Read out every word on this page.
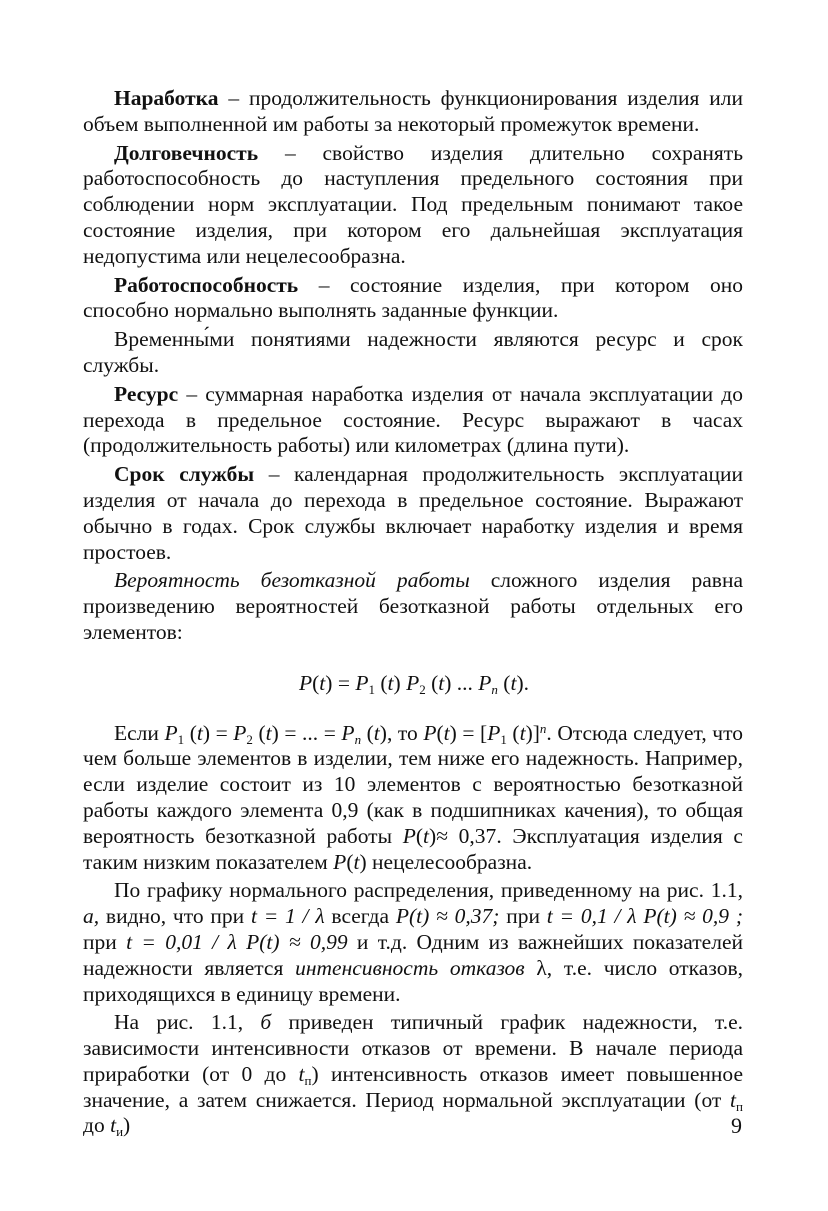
Наработка – продолжительность функционирования изделия или объем выполненной им работы за некоторый промежуток времени.

Долговечность – свойство изделия длительно сохранять работоспособность до наступления предельного состояния при соблюдении норм эксплуатации. Под предельным понимают такое состояние изделия, при котором его дальнейшая эксплуатация недопустима или нецелесообразна.

Работоспособность – состояние изделия, при котором оно способно нормально выполнять заданные функции.

Временны́ми понятиями надежности являются ресурс и срок службы.

Ресурс – суммарная наработка изделия от начала эксплуатации до перехода в предельное состояние. Ресурс выражают в часах (продолжительность работы) или километрах (длина пути).

Срок службы – календарная продолжительность эксплуатации изделия от начала до перехода в предельное состояние. Выражают обычно в годах. Срок службы включает наработку изделия и время простоев.

Вероятность безотказной работы сложного изделия равна произведению вероятностей безотказной работы отдельных его элементов:

$P(t) = P_1$ (t) $P_2$ (t) ... $P_n$ (t).

Если $P_1$ $(t) = P_2$ (t) = ... = $P_n$ (t), то $P(t) = [P_1$ (t)]$^n$. Отсюда следует, что чем больше элементов в изделии, тем ниже его надежность. Например, если изделие состоит из 10 элементов с вероятностью безотказной работы каждого элемента 0,9 (как в подшипниках качения), то общая вероятность безотказной работы P(t)≈ 0,37. Эксплуатация изделия с таким низким показателем P(t) нецелесообразна.

По графику нормального распределения, приведенному на рис. 1.1, а, видно, что при t = 1 / λ всегда P(t) ≈ 0,37; при t = 0,1 / λ P(t) ≈ 0,9 ; при t = 0,01 / λ P(t) ≈ 0,99 и т.д. Одним из важнейших показателей надежности является интенсивность отказов λ, т.е. число отказов, приходящихся в единицу времени.

На рис. 1.1, б приведен типичный график надежности, т.е. зависимости интенсивности отказов от времени. В начале периода приработки (от 0 до $t_п$) интенсивность отказов имеет повышенное значение, а затем снижается. Период нормальной эксплуатации (от $t_п$ до $t_и$)	9
